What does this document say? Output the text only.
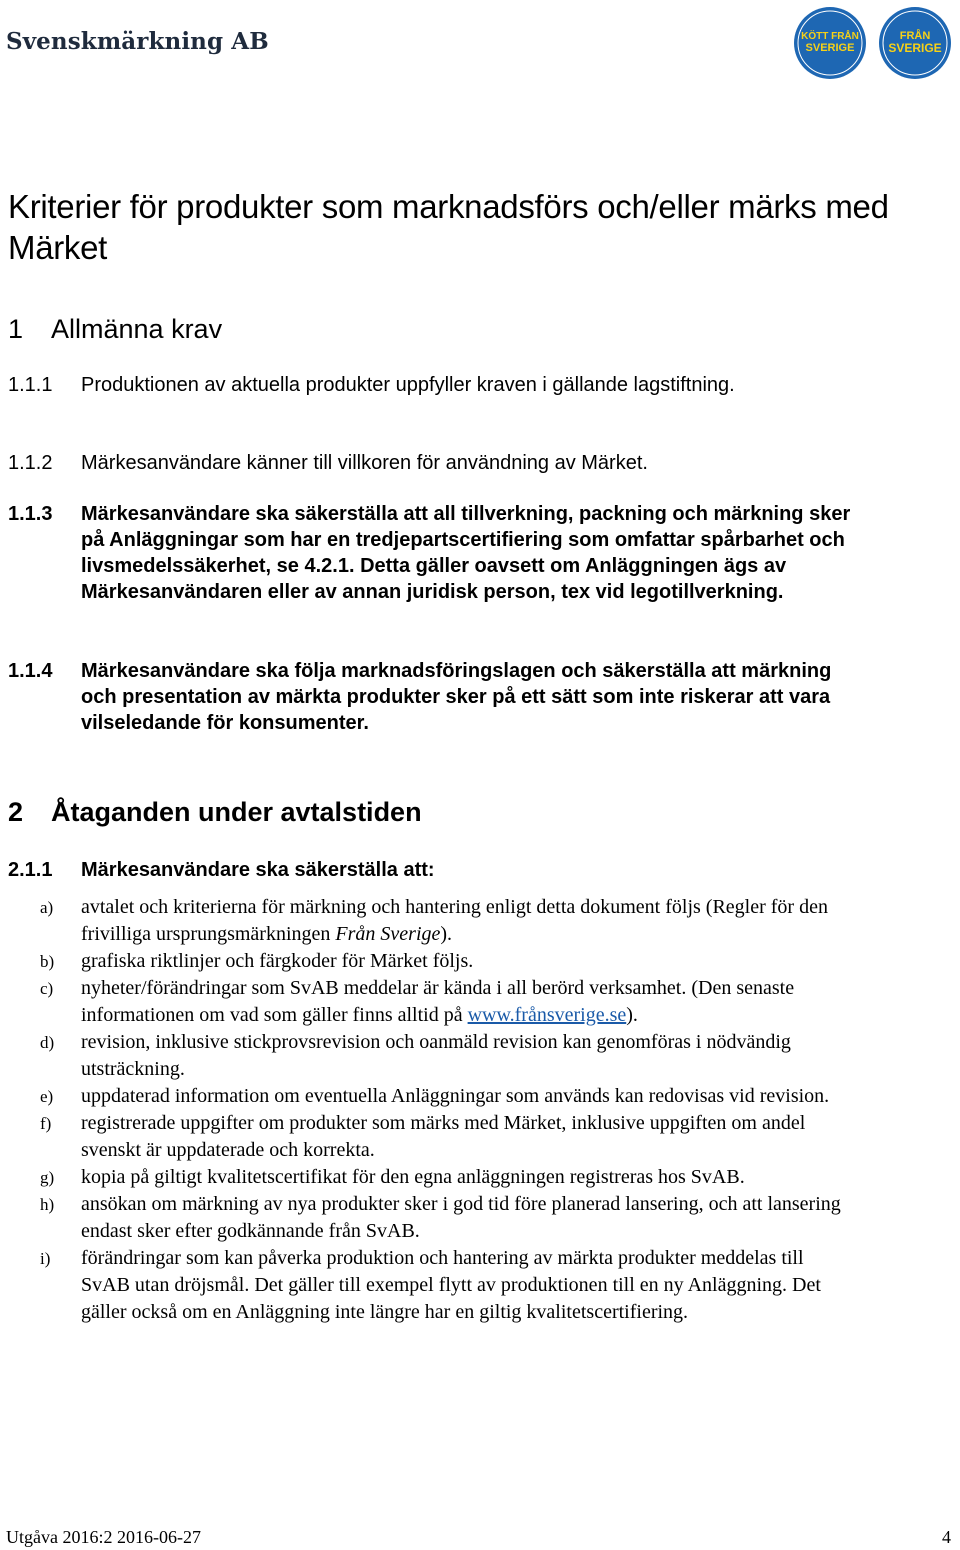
Svenskmärkning AB	KÖTT FRÅN
SVERIGE
FRÅN
SVERIGE
Kriterier för produkter som marknadsförs och/eller märks med Märket
1 Allmänna krav
1.1.1	Produktionen av aktuella produkter uppfyller kraven i gällande lagstiftning.
1.1.2	Märkesanvändare känner till villkoren för användning av Märket.
1.1.3	Märkesanvändare ska säkerställa att all tillverkning, packning och märkning sker på Anläggningar som har en tredjepartscertifiering som omfattar spårbarhet och livsmedelssäkerhet, se 4.2.1. Detta gäller oavsett om Anläggningen ägs av Märkesanvändaren eller av annan juridisk person, tex vid legotillverkning.
1.1.4	Märkesanvändare ska följa marknadsföringslagen och säkerställa att märkning och presentation av märkta produkter sker på ett sätt som inte riskerar att vara vilseledande för konsumenter.
2 Åtaganden under avtalstiden
2.1.1	Märkesanvändare ska säkerställa att:
a) avtalet och kriterierna för märkning och hantering enligt detta dokument följs (Regler för den frivilliga ursprungsmärkningen Från Sverige).
b) grafiska riktlinjer och färgkoder för Märket följs.
c) nyheter/förändringar som SvAB meddelar är kända i all berörd verksamhet. (Den senaste informationen om vad som gäller finns alltid på www.frånsverige.se).
d) revision, inklusive stickprovsrevision och oanmäld revision kan genomföras i nödvändig utsträckning.
e) uppdaterad information om eventuella Anläggningar som används kan redovisas vid revision.
f) registrerade uppgifter om produkter som märks med Märket, inklusive uppgiften om andel svenskt är uppdaterade och korrekta.
g) kopia på giltigt kvalitetscertifikat för den egna anläggningen registreras hos SvAB.
h) ansökan om märkning av nya produkter sker i god tid före planerad lansering, och att lansering endast sker efter godkännande från SvAB.
i) förändringar som kan påverka produktion och hantering av märkta produkter meddelas till SvAB utan dröjsmål. Det gäller till exempel flytt av produktionen till en ny Anläggning. Det gäller också om en Anläggning inte längre har en giltig kvalitetscertifiering.
Utgåva 2016:2 2016-06-27	4
